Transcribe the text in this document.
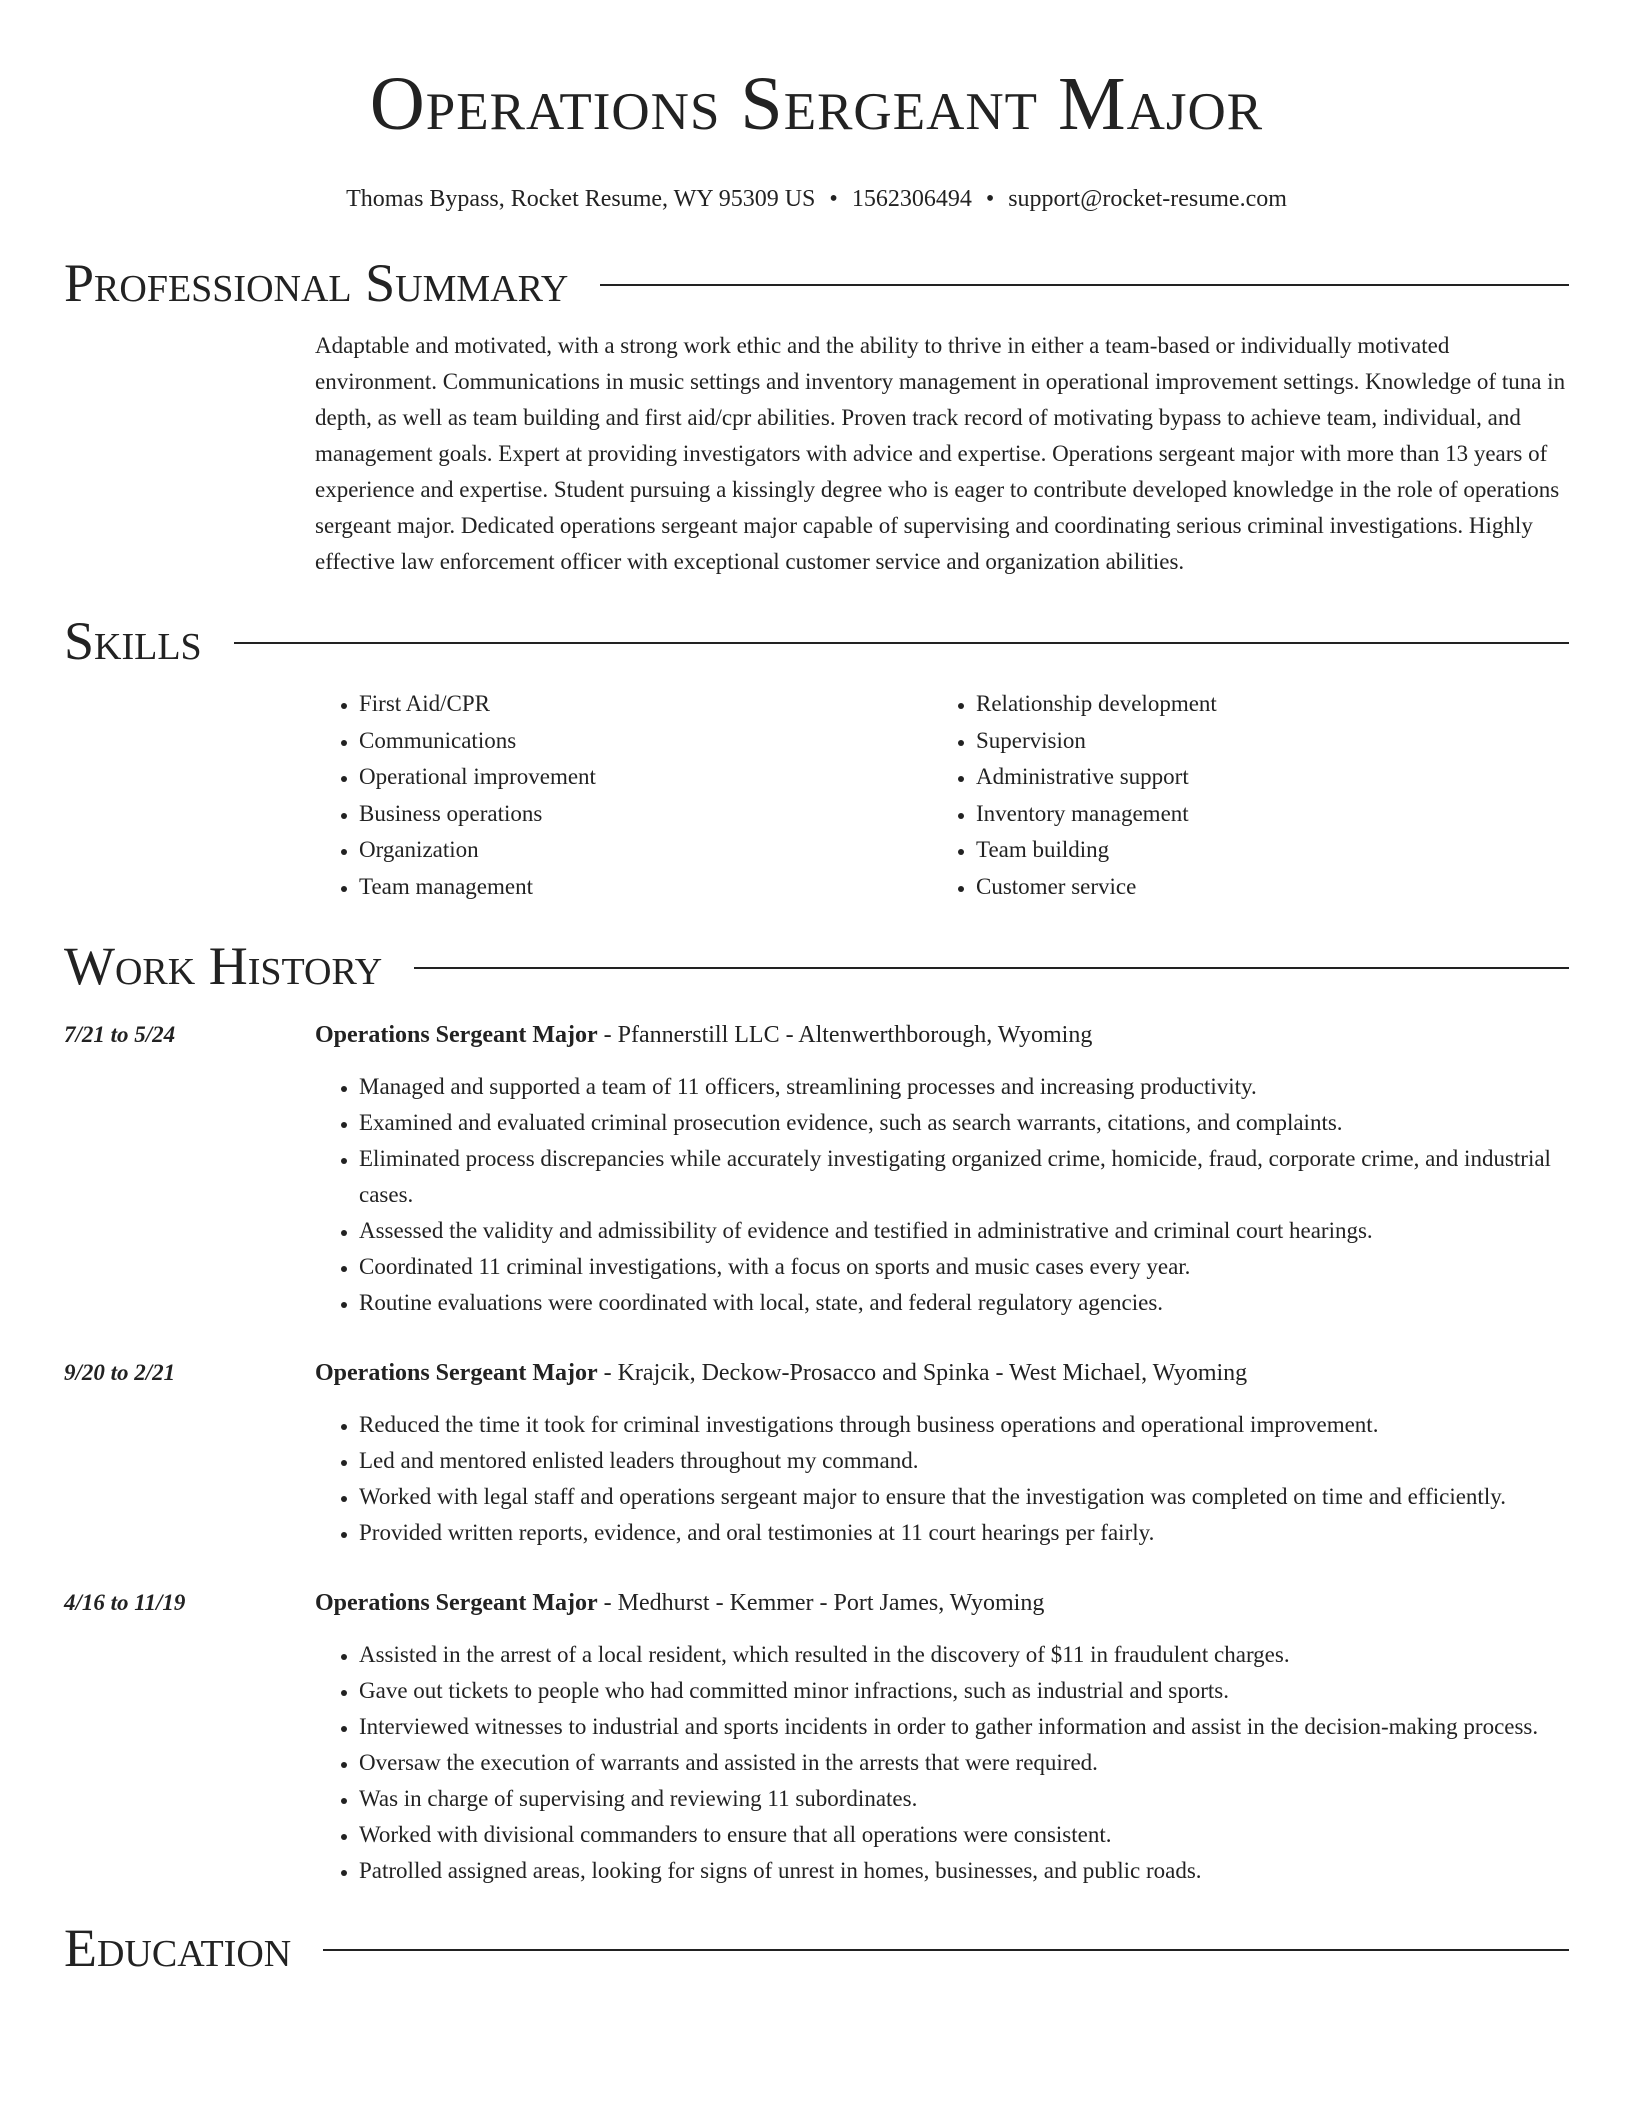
Operations Sergeant Major
Thomas Bypass, Rocket Resume, WY 95309 US • 1562306494 • support@rocket-resume.com
Professional Summary
Adaptable and motivated, with a strong work ethic and the ability to thrive in either a team-based or individually motivated environment. Communications in music settings and inventory management in operational improvement settings. Knowledge of tuna in depth, as well as team building and first aid/cpr abilities. Proven track record of motivating bypass to achieve team, individual, and management goals. Expert at providing investigators with advice and expertise. Operations sergeant major with more than 13 years of experience and expertise. Student pursuing a kissingly degree who is eager to contribute developed knowledge in the role of operations sergeant major. Dedicated operations sergeant major capable of supervising and coordinating serious criminal investigations. Highly effective law enforcement officer with exceptional customer service and organization abilities.
Skills
• First Aid/CPR
• Communications
• Operational improvement
• Business operations
• Organization
• Team management
• Relationship development
• Supervision
• Administrative support
• Inventory management
• Team building
• Customer service
Work History
7/21 to 5/24	Operations Sergeant Major - Pfannerstill LLC - Altenwerthborough, Wyoming
• Managed and supported a team of 11 officers, streamlining processes and increasing productivity.
• Examined and evaluated criminal prosecution evidence, such as search warrants, citations, and complaints.
• Eliminated process discrepancies while accurately investigating organized crime, homicide, fraud, corporate crime, and industrial cases.
• Assessed the validity and admissibility of evidence and testified in administrative and criminal court hearings.
• Coordinated 11 criminal investigations, with a focus on sports and music cases every year.
• Routine evaluations were coordinated with local, state, and federal regulatory agencies.
9/20 to 2/21	Operations Sergeant Major - Krajcik, Deckow-Prosacco and Spinka - West Michael, Wyoming
• Reduced the time it took for criminal investigations through business operations and operational improvement.
• Led and mentored enlisted leaders throughout my command.
• Worked with legal staff and operations sergeant major to ensure that the investigation was completed on time and efficiently.
• Provided written reports, evidence, and oral testimonies at 11 court hearings per fairly.
4/16 to 11/19	Operations Sergeant Major - Medhurst - Kemmer - Port James, Wyoming
• Assisted in the arrest of a local resident, which resulted in the discovery of $11 in fraudulent charges.
• Gave out tickets to people who had committed minor infractions, such as industrial and sports.
• Interviewed witnesses to industrial and sports incidents in order to gather information and assist in the decision-making process.
• Oversaw the execution of warrants and assisted in the arrests that were required.
• Was in charge of supervising and reviewing 11 subordinates.
• Worked with divisional commanders to ensure that all operations were consistent.
• Patrolled assigned areas, looking for signs of unrest in homes, businesses, and public roads.
Education
